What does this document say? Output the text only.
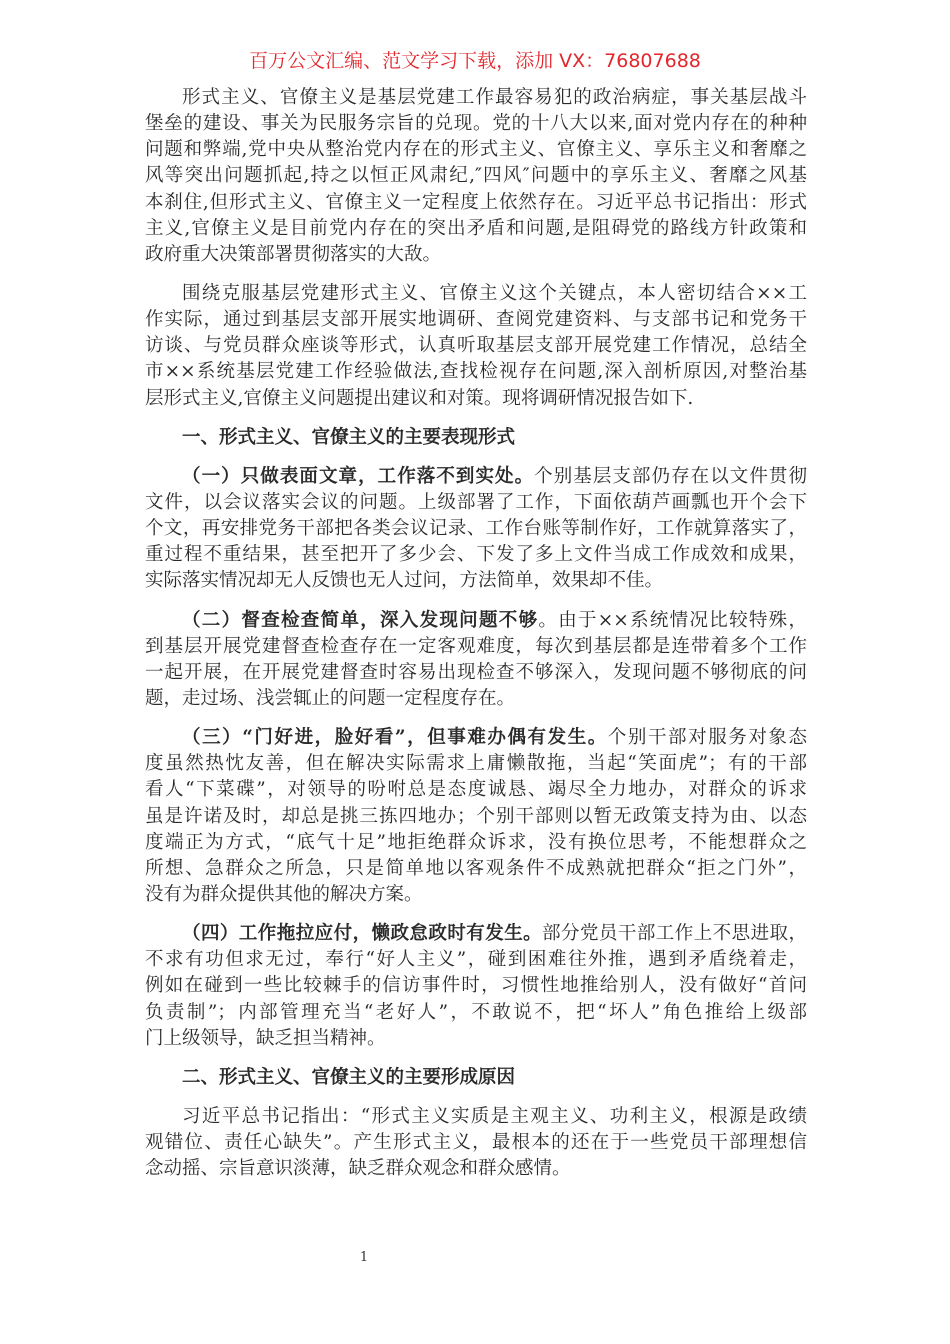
百万公文汇编、范文学习下载，添加 VX：76807688
形式主义、官僚主义是基层党建工作最容易犯的政治病症，事关基层战斗
堡垒的建设、事关为民服务宗旨的兑现。党的十八大以来,面对党内存在的种种
问题和弊端,党中央从整治党内存在的形式主义、官僚主义、享乐主义和奢靡之
风等突出问题抓起,持之以恒正风肃纪,″四风″问题中的享乐主义、奢靡之风基
本刹住,但形式主义、官僚主义一定程度上依然存在。习近平总书记指出：形式
主义,官僚主义是目前党内存在的突出矛盾和问题,是阻碍党的路线方针政策和
政府重大决策部署贯彻落实的大敌。
围绕克服基层党建形式主义、官僚主义这个关键点，本人密切结合××工
作实际，通过到基层支部开展实地调研、查阅党建资料、与支部书记和党务干
访谈、与党员群众座谈等形式，认真听取基层支部开展党建工作情况，总结全
市××系统基层党建工作经验做法,查找检视存在问题,深入剖析原因,对整治基
层形式主义,官僚主义问题提出建议和对策。现将调研情况报告如下.
一、形式主义、官僚主义的主要表现形式
（一）只做表面文章，工作落不到实处。个别基层支部仍存在以文件贯彻
文件，以会议落实会议的问题。上级部署了工作，下面依葫芦画瓢也开个会下
个文，再安排党务干部把各类会议记录、工作台账等制作好，工作就算落实了，
重过程不重结果，甚至把开了多少会、下发了多上文件当成工作成效和成果，
实际落实情况却无人反馈也无人过问，方法简单，效果却不佳。
（二）督查检查简单，深入发现问题不够。由于××系统情况比较特殊，
到基层开展党建督查检查存在一定客观难度，每次到基层都是连带着多个工作
一起开展，在开展党建督查时容易出现检查不够深入，发现问题不够彻底的问
题，走过场、浅尝辄止的问题一定程度存在。
（三）“门好进，脸好看”，但事难办偶有发生。个别干部对服务对象态
度虽然热忱友善，但在解决实际需求上庸懒散拖，当起“笑面虎”；有的干部
看人“下菜碟”，对领导的吩咐总是态度诚恳、竭尽全力地办，对群众的诉求
虽是许诺及时，却总是挑三拣四地办；个别干部则以暂无政策支持为由、以态
度端正为方式，“底气十足”地拒绝群众诉求，没有换位思考，不能想群众之
所想、急群众之所急，只是简单地以客观条件不成熟就把群众“拒之门外”，
没有为群众提供其他的解决方案。
（四）工作拖拉应付，懒政怠政时有发生。部分党员干部工作上不思进取，
不求有功但求无过，奉行“好人主义”，碰到困难往外推，遇到矛盾绕着走，
例如在碰到一些比较棘手的信访事件时，习惯性地推给别人，没有做好“首问
负责制”；内部管理充当“老好人”，不敢说不，把“坏人”角色推给上级部
门上级领导，缺乏担当精神。
二、形式主义、官僚主义的主要形成原因
习近平总书记指出：“形式主义实质是主观主义、功利主义，根源是政绩
观错位、责任心缺失”。产生形式主义，最根本的还在于一些党员干部理想信
念动摇、宗旨意识淡薄，缺乏群众观念和群众感情。
1
